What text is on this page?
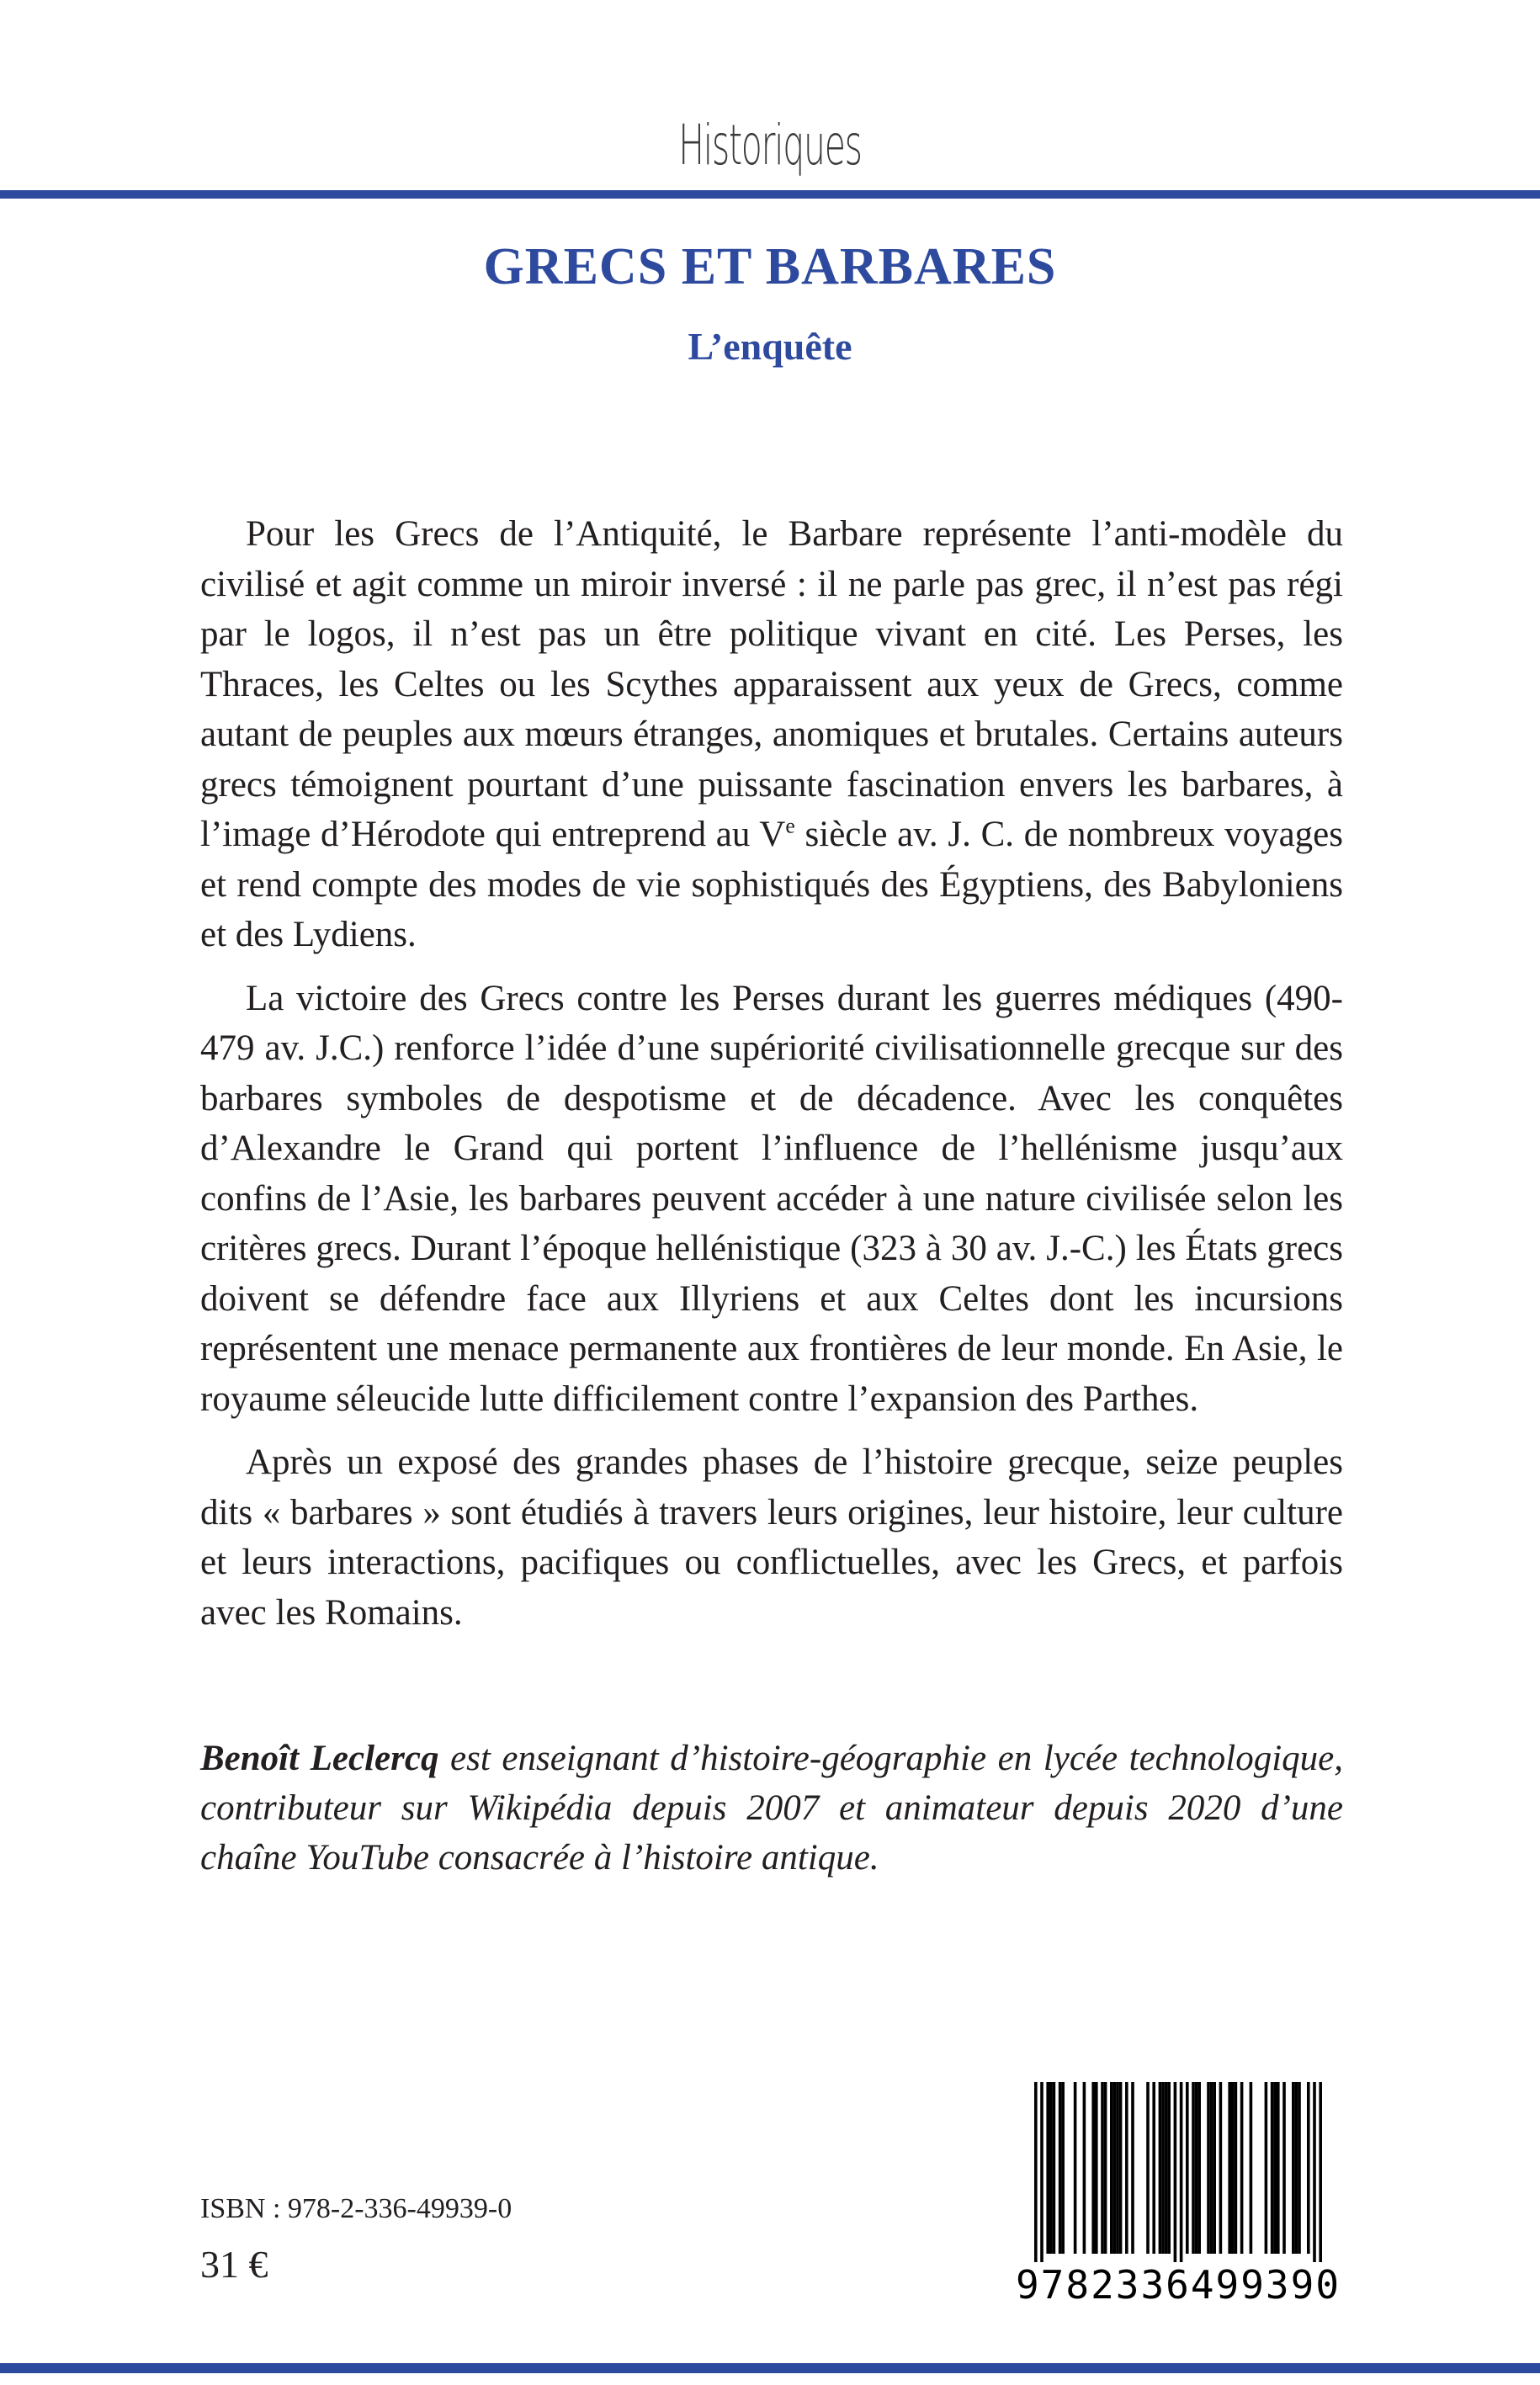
Historiques
GRECS ET BARBARES
L’enquête

Pour les Grecs de l’Antiquité, le Barbare représente l’anti-modèle du civilisé et agit comme un miroir inversé : il ne parle pas grec, il n’est pas régi par le logos, il n’est pas un être politique vivant en cité. Les Perses, les Thraces, les Celtes ou les Scythes apparaissent aux yeux de Grecs, comme autant de peuples aux mœurs étranges, anomiques et brutales. Certains auteurs grecs témoignent pourtant d’une puissante fascination envers les barbares, à l’image d’Hérodote qui entreprend au Ve siècle av. J. C. de nombreux voyages et rend compte des modes de vie sophistiqués des Égyptiens, des Babyloniens et des Lydiens.

La victoire des Grecs contre les Perses durant les guerres médiques (490-479 av. J.C.) renforce l’idée d’une supériorité civilisationnelle grecque sur des barbares symboles de despotisme et de décadence. Avec les conquêtes d’Alexandre le Grand qui portent l’influence de l’hellénisme jusqu’aux confins de l’Asie, les barbares peuvent accéder à une nature civilisée selon les critères grecs. Durant l’époque hellénistique (323 à 30 av. J.-C.) les États grecs doivent se défendre face aux Illyriens et aux Celtes dont les incursions représentent une menace permanente aux frontières de leur monde. En Asie, le royaume séleucide lutte difficilement contre l’expansion des Parthes.

Après un exposé des grandes phases de l’histoire grecque, seize peuples dits « barbares » sont étudiés à travers leurs origines, leur histoire, leur culture et leurs interactions, pacifiques ou conflictuelles, avec les Grecs, et parfois avec les Romains.

Benoît Leclercq est enseignant d’histoire-géographie en lycée technologique, contributeur sur Wikipédia depuis 2007 et animateur depuis 2020 d’une chaîne YouTube consacrée à l’histoire antique.
ISBN : 978-2-336-49939-0
31 €	9782336499390
